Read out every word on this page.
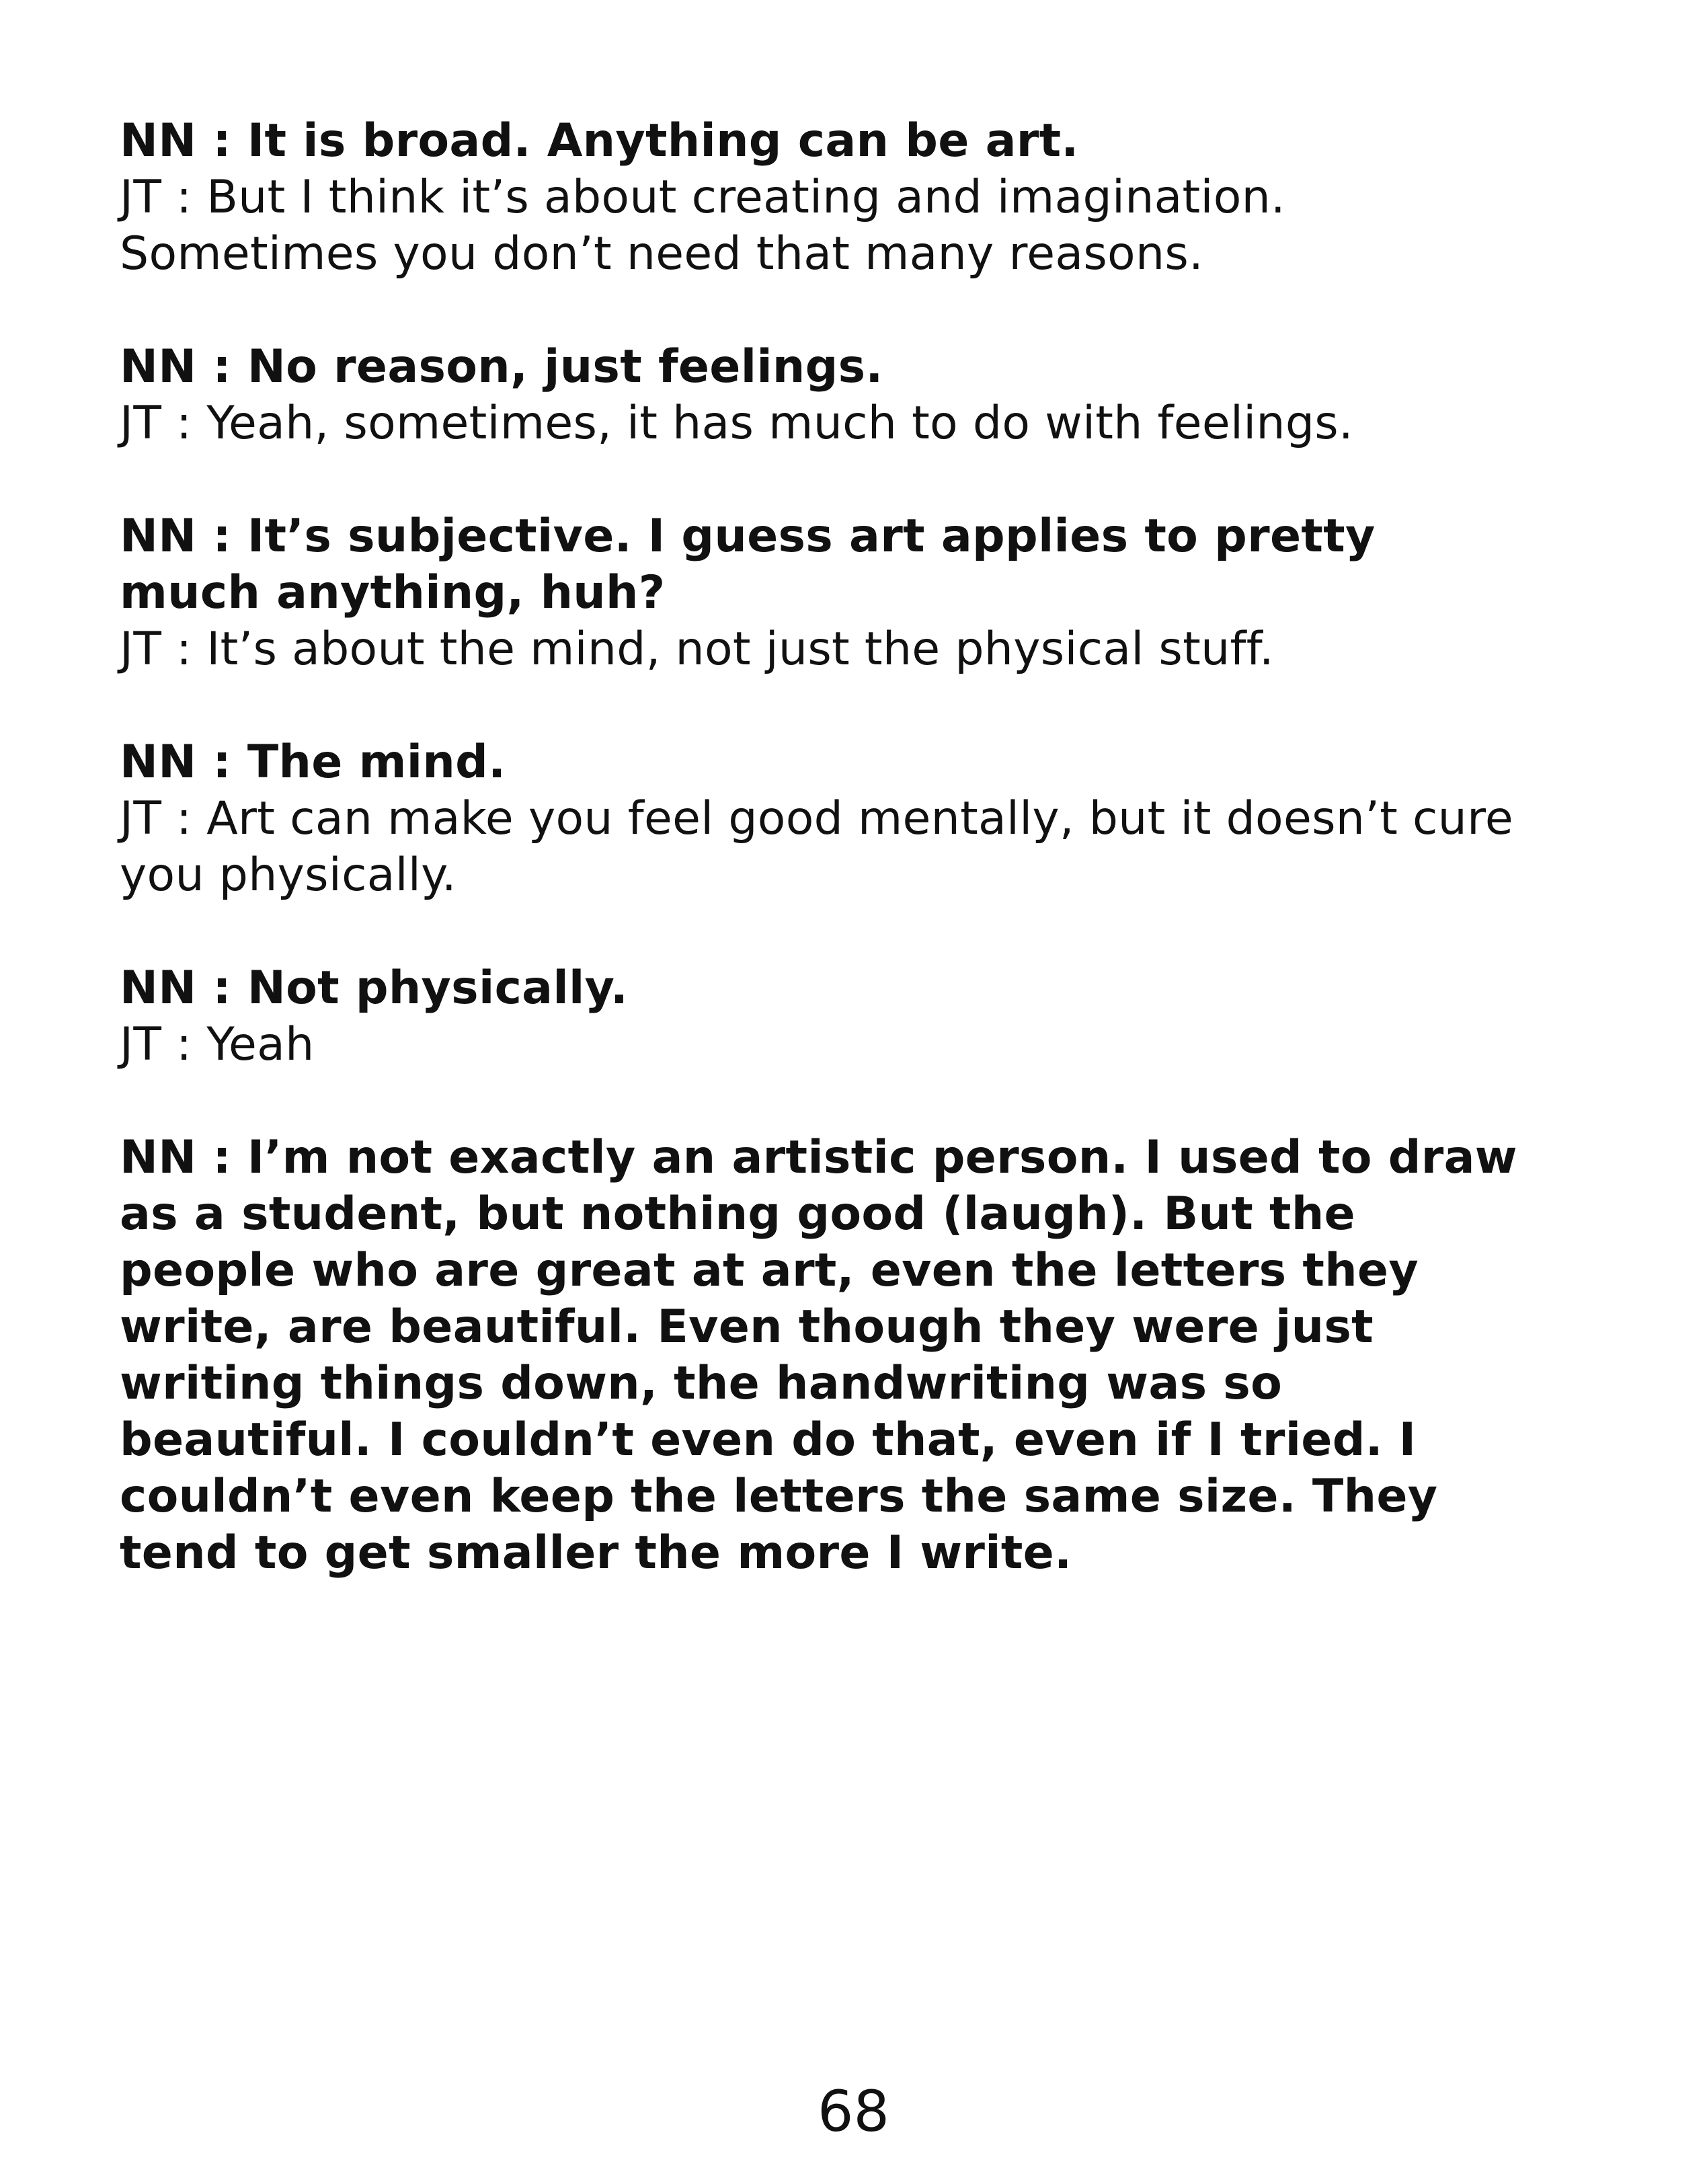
NN : It is broad. Anything can be art.
JT : But I think it’s about creating and imagination. Sometimes you don’t need that many reasons.
NN : No reason, just feelings.
JT : Yeah, sometimes, it has much to do with feelings.
NN : It’s subjective. I guess art applies to pretty much anything, huh?
JT : It’s about the mind, not just the physical stuff.
NN : The mind.
JT : Art can make you feel good mentally, but it doesn’t cure you physically.
NN : Not physically.
JT : Yeah
NN : I’m not exactly an artistic person. I used to draw as a student, but nothing good (laugh). But the people who are great at art, even the letters they write, are beautiful. Even though they were just writing things down, the handwriting was so beautiful. I couldn’t even do that, even if I tried. I couldn’t even keep the letters the same size. They tend to get smaller the more I write.
68
